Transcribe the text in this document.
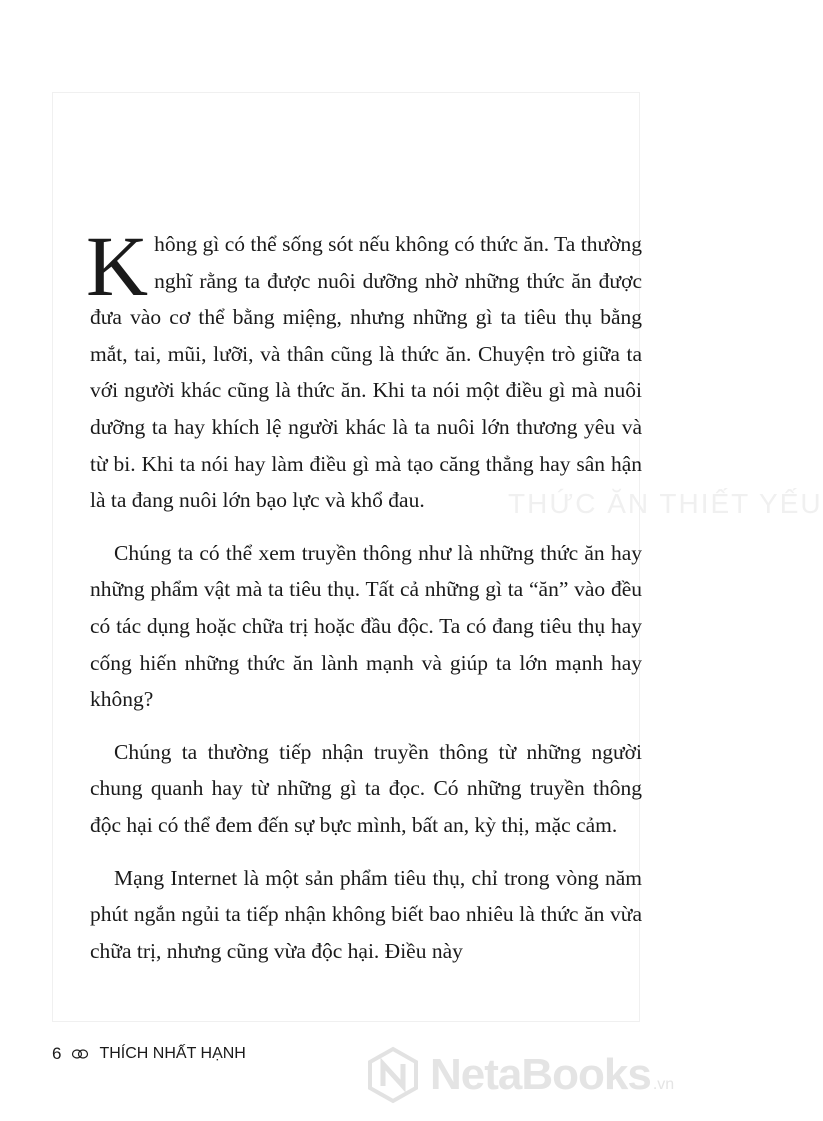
THỨC ĂN THIẾT YẾU

Không gì có thể sống sót nếu không có thức ăn. Ta thường nghĩ rằng ta được nuôi dưỡng nhờ những thức ăn được đưa vào cơ thể bằng miệng, nhưng những gì ta tiêu thụ bằng mắt, tai, mũi, lưỡi, và thân cũng là thức ăn. Chuyện trò giữa ta với người khác cũng là thức ăn. Khi ta nói một điều gì mà nuôi dưỡng ta hay khích lệ người khác là ta nuôi lớn thương yêu và từ bi. Khi ta nói hay làm điều gì mà tạo căng thẳng hay sân hận là ta đang nuôi lớn bạo lực và khổ đau.

Chúng ta có thể xem truyền thông như là những thức ăn hay những phẩm vật mà ta tiêu thụ. Tất cả những gì ta “ăn” vào đều có tác dụng hoặc chữa trị hoặc đầu độc. Ta có đang tiêu thụ hay cống hiến những thức ăn lành mạnh và giúp ta lớn mạnh hay không?

Chúng ta thường tiếp nhận truyền thông từ những người chung quanh hay từ những gì ta đọc. Có những truyền thông độc hại có thể đem đến sự bực mình, bất an, kỳ thị, mặc cảm.

Mạng Internet là một sản phẩm tiêu thụ, chỉ trong vòng năm phút ngắn ngủi ta tiếp nhận không biết bao nhiêu là thức ăn vừa chữa trị, nhưng cũng vừa độc hại. Điều này

6 THÍCH NHẤT HẠNH	NetaBooks .vn
